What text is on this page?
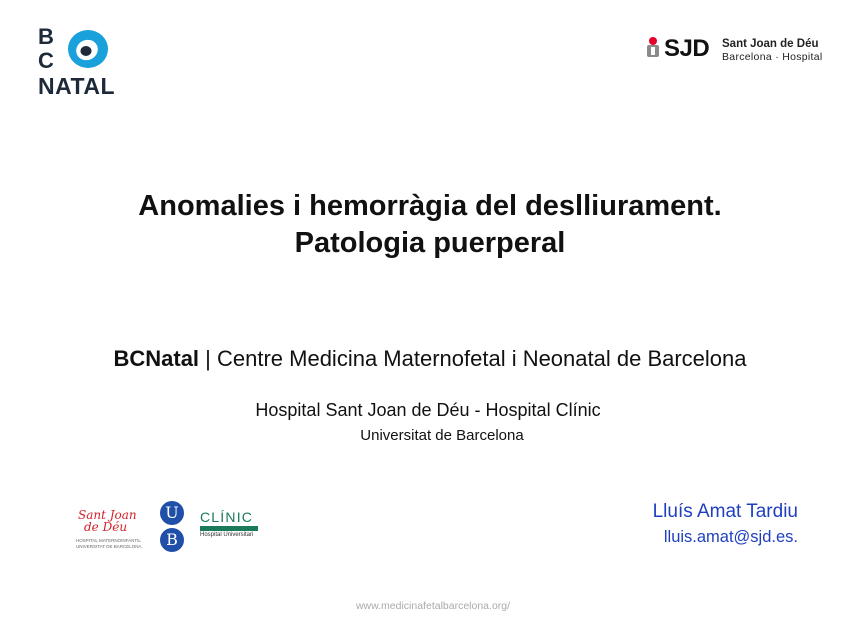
B
C
NATAL
SJD Sant Joan de Déu
Barcelona · Hospital
Anomalies i hemorràgia del deslliurament.
Patologia puerperal
BCNatal | Centre Medicina Maternofetal i Neonatal de Barcelona
Hospital Sant Joan de Déu - Hospital Clínic
Universitat de Barcelona
Sant Joan
de Déu
HOSPITAL MATERNOINFANTIL
UNIVERSITAT DE BARCELONA
U
B
CLÍNIC
Hospital Universitari
Lluís Amat Tardiu
lluis.amat@sjd.es.
www.medicinafetalbarcelona.org/
